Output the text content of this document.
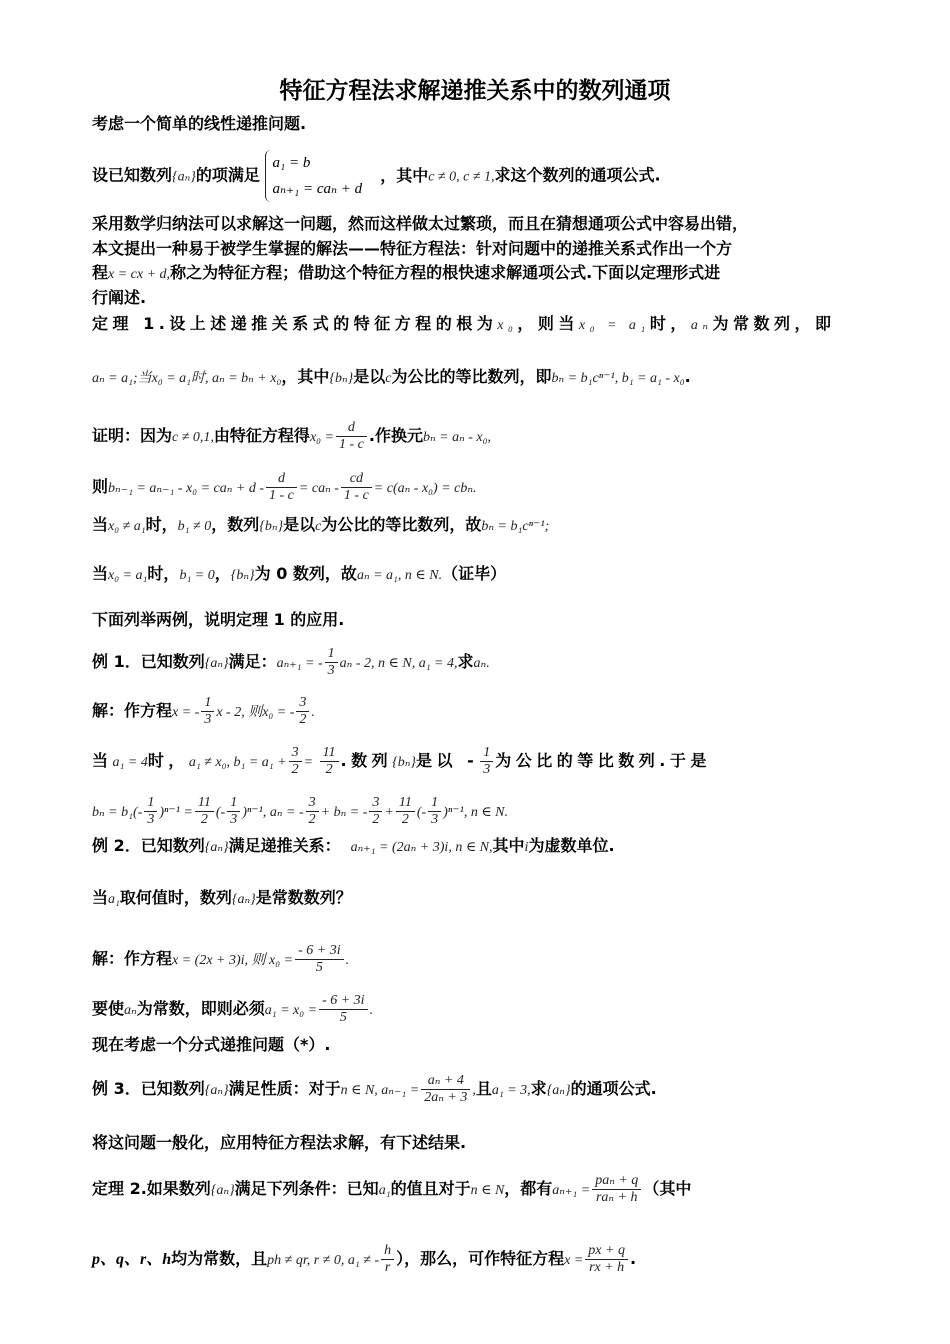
特征方程法求解递推关系中的数列通项
考虑一个简单的线性递推问题.
设已知数列{aₙ}的项满足
a₁ = b
aₙ₊₁ = caₙ + d
，其中c ≠ 0, c ≠ 1,求这个数列的通项公式.
采用数学归纳法可以求解这一问题，然而这样做太过繁琐，而且在猜想通项公式中容易出错，
本文提出一种易于被学生掌握的解法——特征方程法：针对问题中的递推关系式作出一个方
程x = cx + d,称之为特征方程；借助这个特征方程的根快速求解通项公式.下面以定理形式进
行阐述.
定理 1.设上述递推关系式的特征方程的根为x₀，则当x₀ = a₁时，aₙ为常数列，即
aₙ = a₁;当x₀ = a₁时, aₙ = bₙ + x₀，其中{bₙ}是以c为公比的等比数列，即bₙ = b₁cⁿ⁻¹, b₁ = a₁ - x₀.
证明：因为c ≠ 0,1,由特征方程得$x_0 = \frac{d}{1 - c}$ .作换元bₙ = aₙ - x₀,
则$b_{n-1} = a_{n-1} - x_0 = ca_n + d - \frac{d}{1 - c} = ca_n - \frac{cd}{1 - c} = c(a_n - x_0) = cb_n$.
当x₀ ≠ a₁时，b₁ ≠ 0，数列{bₙ}是以c为公比的等比数列，故bₙ = b₁cⁿ⁻¹;
当x₀ = a₁时，b₁ = 0，{bₙ}为 0 数列，故aₙ = a₁, n ∈ N.（证毕）
下面列举两例，说明定理 1 的应用.
例 1．已知数列{aₙ}满足：aₙ₊₁ = - $\frac{1}{3}$ aₙ - 2, n ∈ N, a₁ = 4,求aₙ.
解：作方程x = - $\frac{1}{3}$ x - 2, 则x₀ = - $\frac{3}{2}$ .
当a₁ = 4时，a₁ ≠ x₀, $b_1 = a_1 + \frac{3}{2} = \frac{11}{2}$ .数列{bₙ}是以 - $\frac{1}{3}$ 为公比的等比数列.于是
$b_n = b_1(- \frac{1}{3} )^{n-1} = \frac{11}{2}$ (- $\frac{1}{3} )^{n-1}$, aₙ = - $\frac{3}{2} + b_n$ = - $\frac{3}{2} + \frac{11}{2}$ (- $\frac{1}{3} )^{n-1}$, n ∈ N.
例 2．已知数列{aₙ}满足递推关系： aₙ₊₁ = (2aₙ + 3)i, n ∈ N,其中i为虚数单位.
当a₁取何值时，数列{aₙ}是常数数列？
解：作方程x = (2x + 3)i, 则 $x_0 = \frac{- 6 + 3i}{5}$ .
要使aₙ为常数，即则必须$a_1 = x_0 = \frac{- 6 + 3i}{5}$ .
现在考虑一个分式递推问题（*）.
例 3．已知数列{aₙ}满足性质：对于n ∈ N, $a_{n-1} = \frac{\text{aₙ + 4}}{\text{2aₙ + 3}}$ ,且a₁ = 3,求{aₙ}的通项公式.
将这问题一般化，应用特征方程法求解，有下述结果.
定理 2.如果数列{aₙ}满足下列条件：已知a₁的值且对于n ∈ N，都有$a_{n+1} = \frac{\text{paₙ + q}}{\text{raₙ + h}}$ （其中
p、q、r、h均为常数，且ph ≠ qr, r ≠ 0, a₁ ≠ - $\frac{h}{r}$ ），那么，可作特征方程$x = \frac{px + q}{rx + h}$ .
